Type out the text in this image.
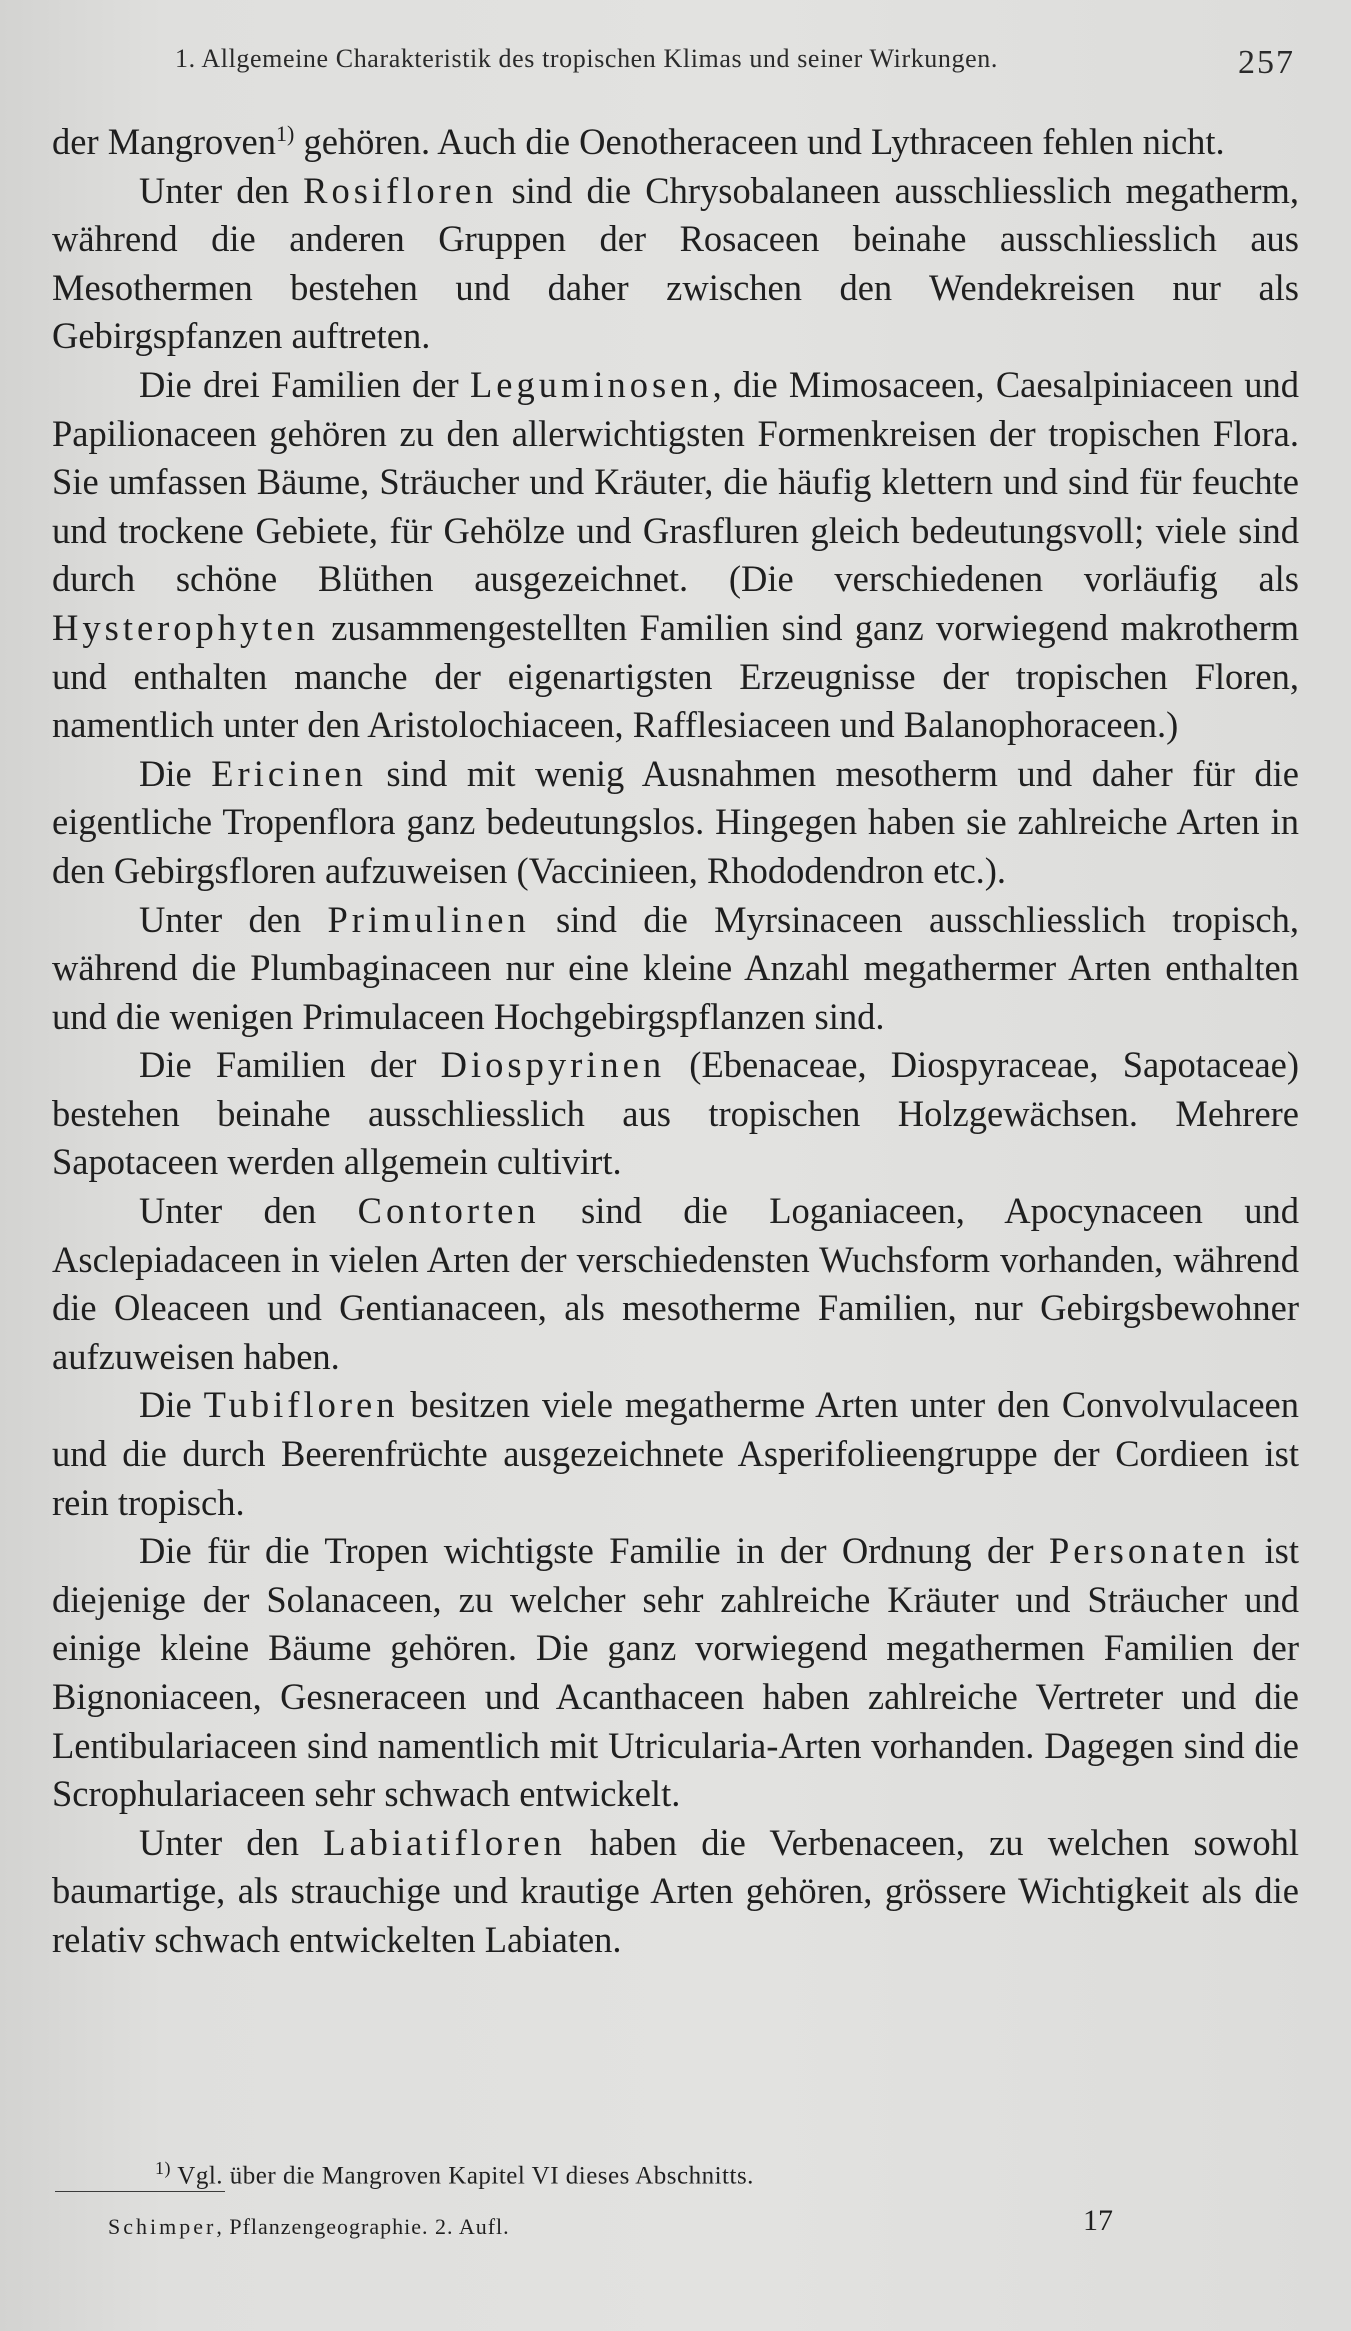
1. Allgemeine Charakteristik des tropischen Klimas und seiner Wirkungen.	257

der Mangroven$^{1)}$ gehören. Auch die Oenotheraceen und Lythraceen fehlen nicht.

Unter den Rosifloren sind die Chrysobalaneen ausschliesslich megatherm, während die anderen Gruppen der Rosaceen beinahe ausschliesslich aus Mesothermen bestehen und daher zwischen den Wendekreisen nur als Gebirgspfanzen auftreten.

Die drei Familien der Leguminosen, die Mimosaceen, Caesalpiniaceen und Papilionaceen gehören zu den allerwichtigsten Formenkreisen der tropischen Flora. Sie umfassen Bäume, Sträucher und Kräuter, die häufig klettern und sind für feuchte und trockene Gebiete, für Gehölze und Grasfluren gleich bedeutungsvoll; viele sind durch schöne Blüthen ausgezeichnet. (Die verschiedenen vorläufig als Hysterophyten zusammengestellten Familien sind ganz vorwiegend makrotherm und enthalten manche der eigenartigsten Erzeugnisse der tropischen Floren, namentlich unter den Aristolochiaceen, Rafflesiaceen und Balanophoraceen.)

Die Ericinen sind mit wenig Ausnahmen mesotherm und daher für die eigentliche Tropenflora ganz bedeutungslos. Hingegen haben sie zahlreiche Arten in den Gebirgsfloren aufzuweisen (Vaccinieen, Rhododendron etc.).

Unter den Primulinen sind die Myrsinaceen ausschliesslich tropisch, während die Plumbaginaceen nur eine kleine Anzahl megathermer Arten enthalten und die wenigen Primulaceen Hochgebirgspflanzen sind.

Die Familien der Diospyrinen (Ebenaceae, Diospyraceae, Sapotaceae) bestehen beinahe ausschliesslich aus tropischen Holzgewächsen. Mehrere Sapotaceen werden allgemein cultivirt.

Unter den Contorten sind die Loganiaceen, Apocynaceen und Asclepiadaceen in vielen Arten der verschiedensten Wuchsform vorhanden, während die Oleaceen und Gentianaceen, als mesotherme Familien, nur Gebirgsbewohner aufzuweisen haben.

Die Tubifloren besitzen viele megatherme Arten unter den Convolvulaceen und die durch Beerenfrüchte ausgezeichnete Asperifolieengruppe der Cordieen ist rein tropisch.

Die für die Tropen wichtigste Familie in der Ordnung der Personaten ist diejenige der Solanaceen, zu welcher sehr zahlreiche Kräuter und Sträucher und einige kleine Bäume gehören. Die ganz vorwiegend megathermen Familien der Bignoniaceen, Gesneraceen und Acanthaceen haben zahlreiche Vertreter und die Lentibulariaceen sind namentlich mit Utricularia-Arten vorhanden. Dagegen sind die Scrophulariaceen sehr schwach entwickelt.

Unter den Labiatifloren haben die Verbenaceen, zu welchen sowohl baumartige, als strauchige und krautige Arten gehören, grössere Wichtigkeit als die relativ schwach entwickelten Labiaten.

$^{1)}$ Vgl. über die Mangroven Kapitel VI dieses Abschnitts.
Schimper, Pflanzengeographie. 2. Aufl.	17
